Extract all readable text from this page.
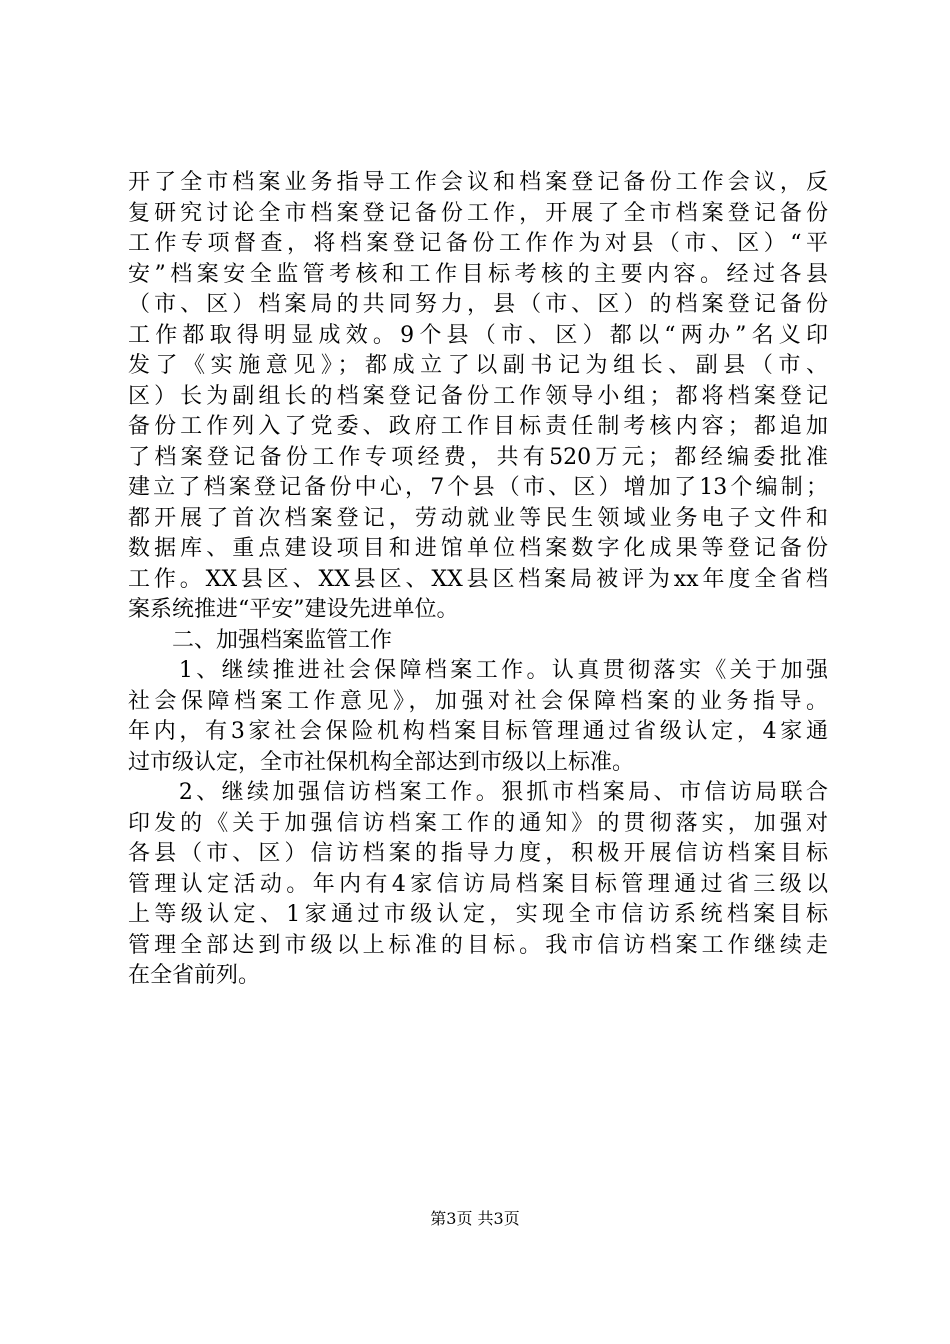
开了全市档案业务指导工作会议和档案登记备份工作会议，反
复研究讨论全市档案登记备份工作，开展了全市档案登记备份
工作专项督查，将档案登记备份工作作为对县（市、区）“平
安”档案安全监管考核和工作目标考核的主要内容。经过各县
（市、区）档案局的共同努力，县（市、区）的档案登记备份
工作都取得明显成效。9个县（市、区）都以“两办”名义印
发了《实施意见》；都成立了以副书记为组长、副县（市、
区）长为副组长的档案登记备份工作领导小组；都将档案登记
备份工作列入了党委、政府工作目标责任制考核内容；都追加
了档案登记备份工作专项经费，共有520万元；都经编委批准
建立了档案登记备份中心，7个县（市、区）增加了13个编制；
都开展了首次档案登记，劳动就业等民生领域业务电子文件和
数据库、重点建设项目和进馆单位档案数字化成果等登记备份
工作。XX县区、XX县区、XX县区档案局被评为xx年度全省档
案系统推进“平安”建设先进单位。
　　二、加强档案监管工作
　　1、继续推进社会保障档案工作。认真贯彻落实《关于加强
社会保障档案工作意见》，加强对社会保障档案的业务指导。
年内，有3家社会保险机构档案目标管理通过省级认定，4家通
过市级认定，全市社保机构全部达到市级以上标准。
　　2、继续加强信访档案工作。狠抓市档案局、市信访局联合
印发的《关于加强信访档案工作的通知》的贯彻落实，加强对
各县（市、区）信访档案的指导力度，积极开展信访档案目标
管理认定活动。年内有4家信访局档案目标管理通过省三级以
上等级认定、1家通过市级认定，实现全市信访系统档案目标
管理全部达到市级以上标准的目标。我市信访档案工作继续走
在全省前列。
第3页 共3页
